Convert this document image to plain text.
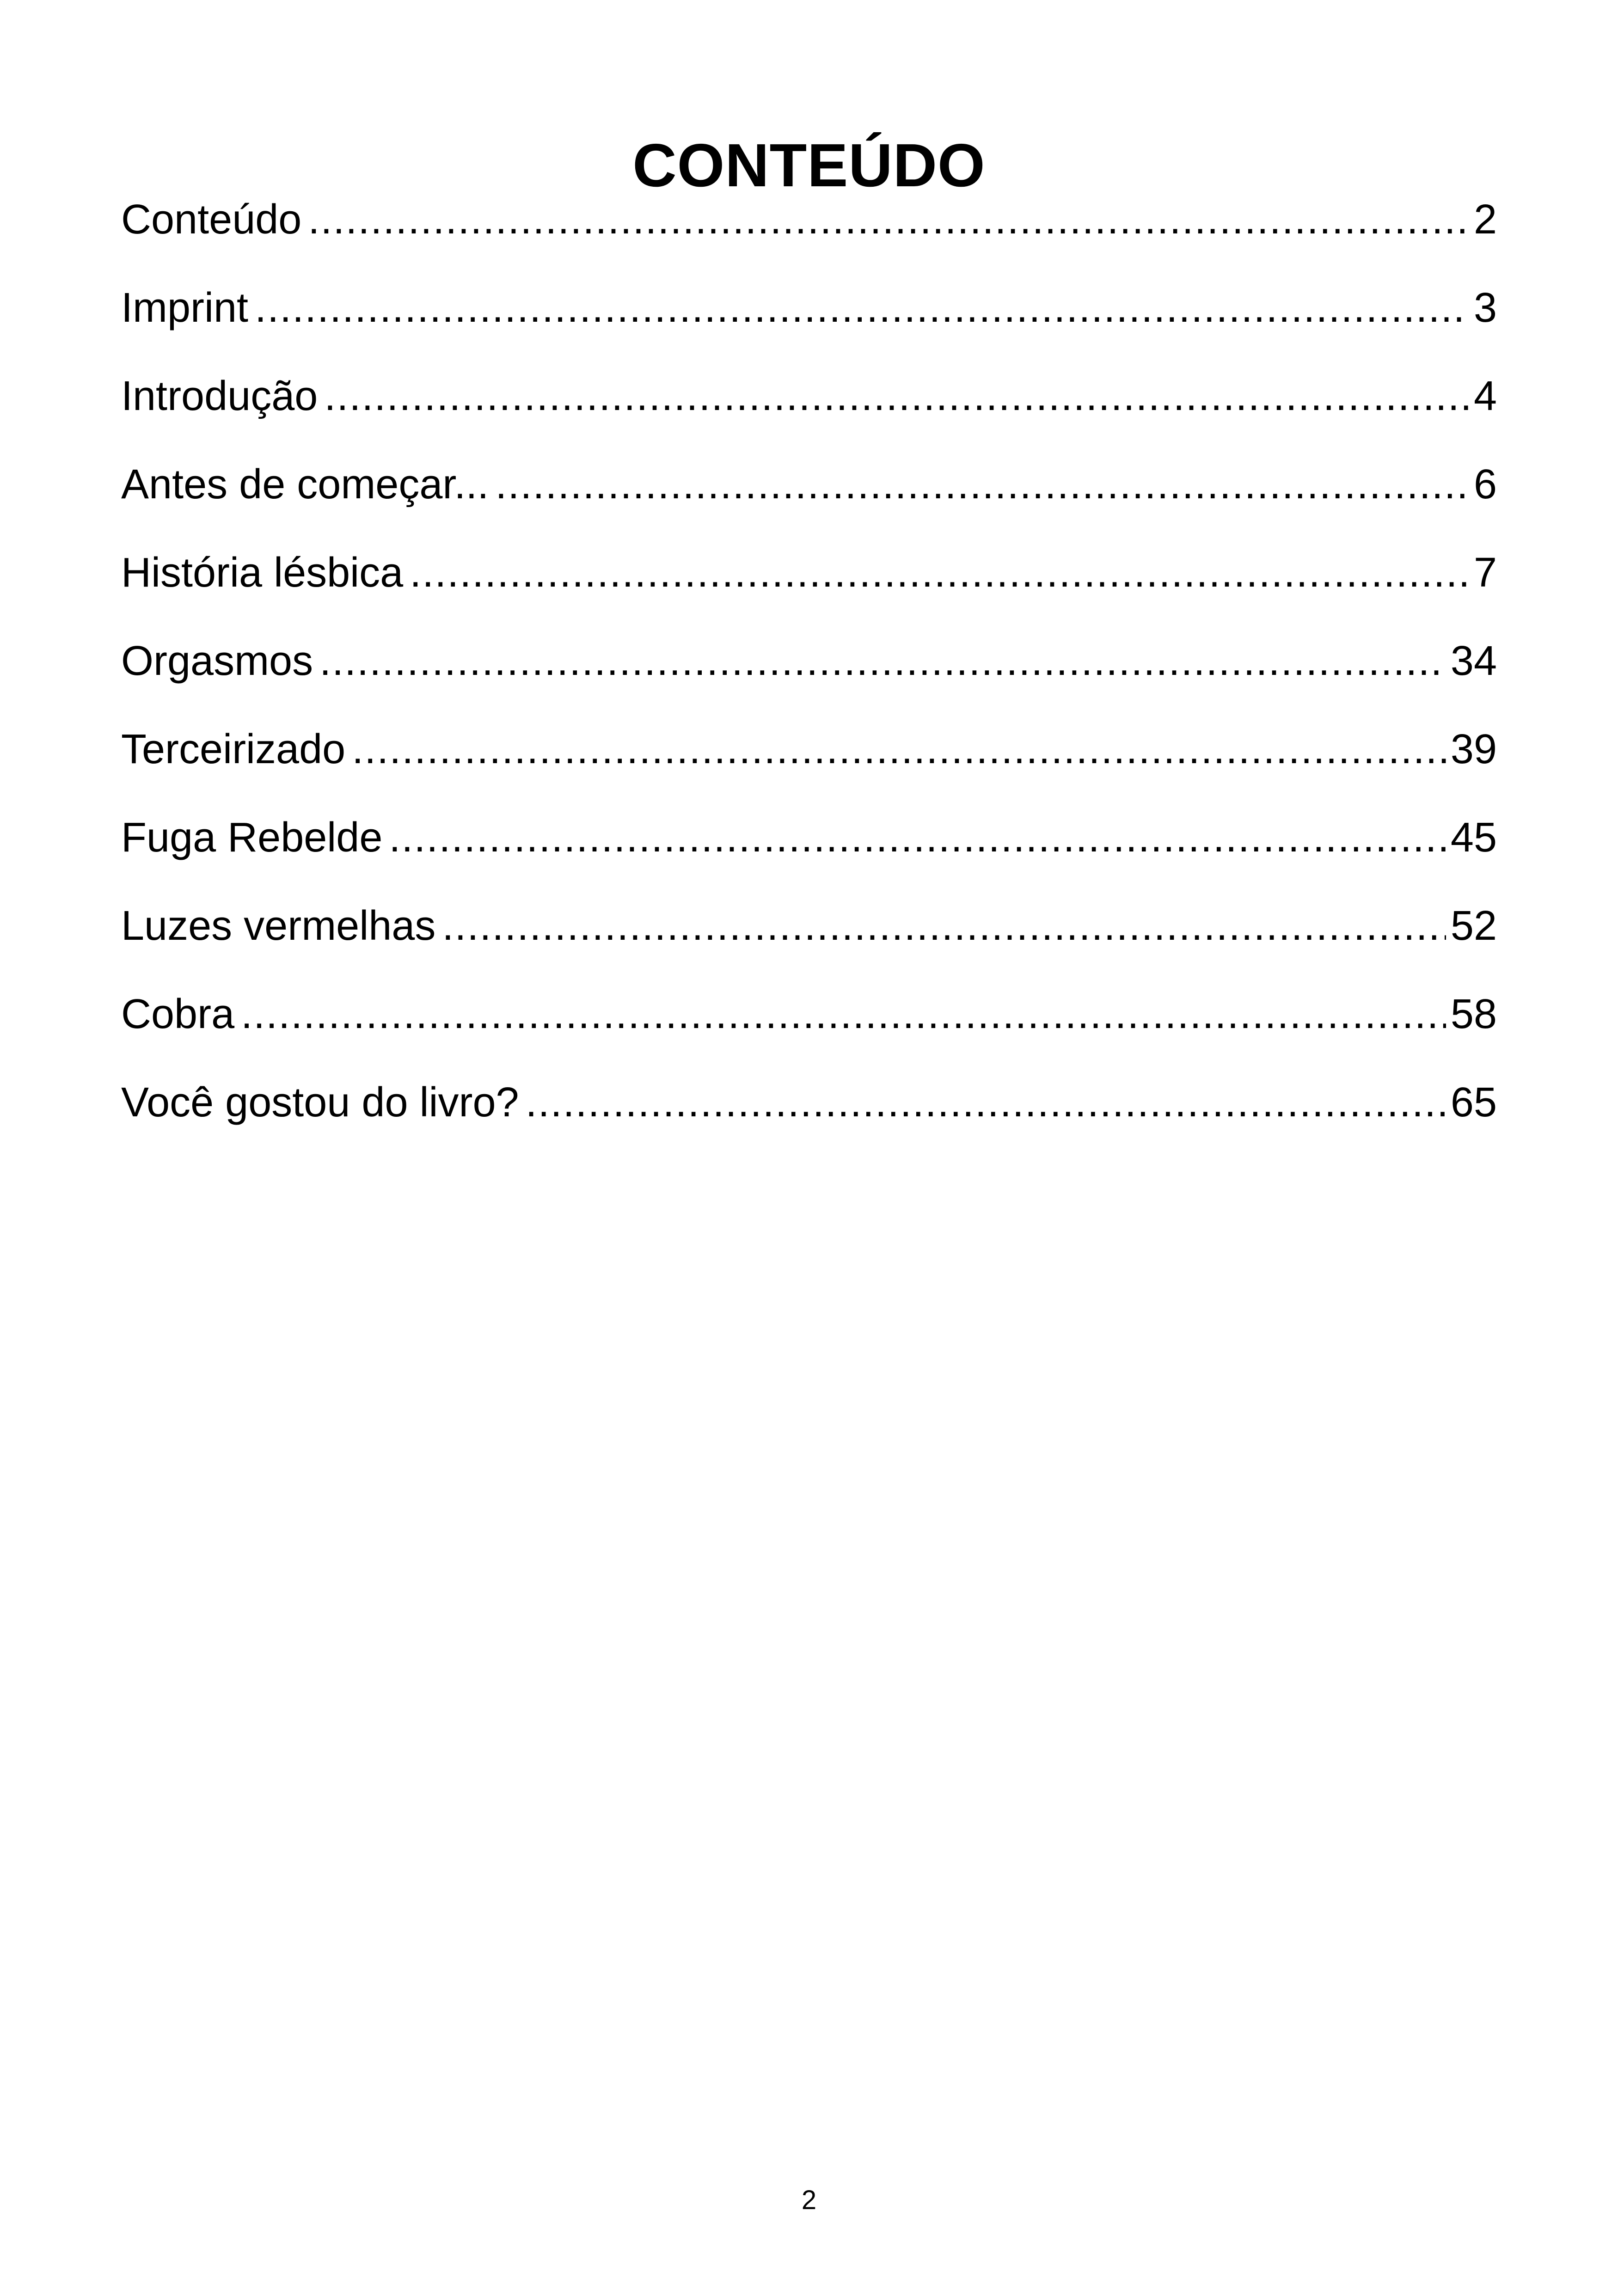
CONTEÚDO
Conteúdo .....	2
Imprint .....	3
Introdução .....	4
Antes de começar... .....	6
História lésbica .....	7
Orgasmos .....	34
Terceirizado .....	39
Fuga Rebelde .....	45
Luzes vermelhas .....	52
Cobra .....	58
Você gostou do livro? .....	65
2
